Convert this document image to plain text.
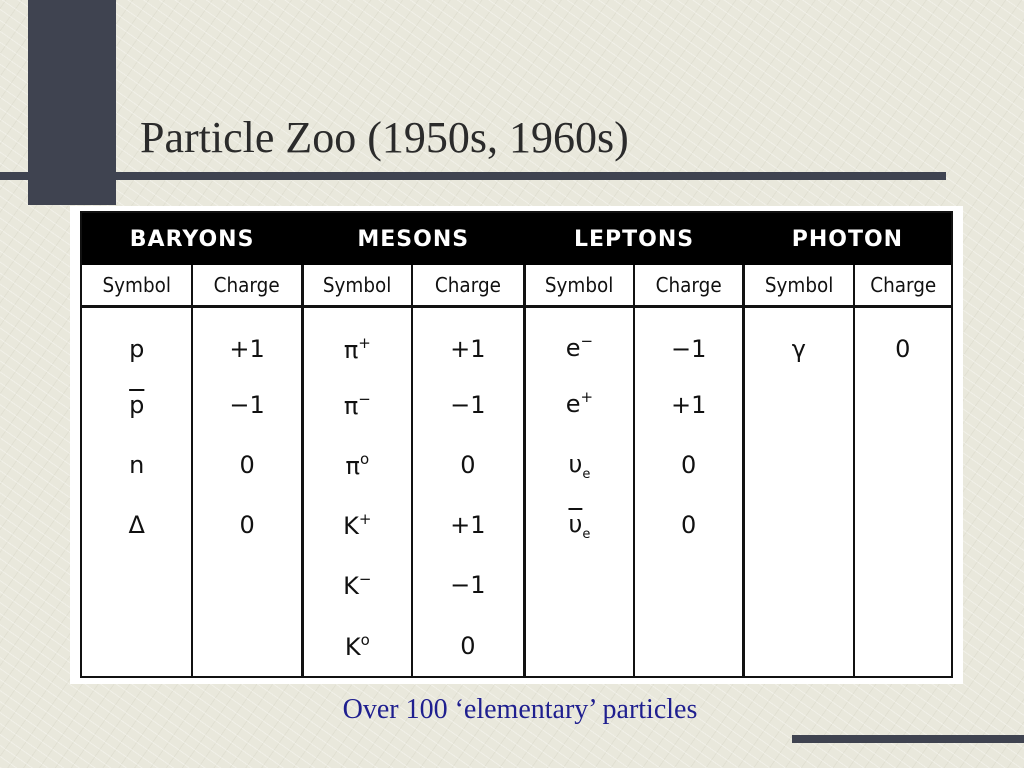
Particle Zoo (1950s, 1960s)
BARYONS		MESONS		LEPTONS		PHOTON	
Symbol	Charge	Symbol	Charge	Symbol	Charge	Symbol	Charge
p	+1	π+	+1	e−	−1	γ	0
$\overline{p}$	−1	π−	−1	e+	+1		
n	0	$\pi^o$	0	$\upsilon_e$	0		
Δ	0	K+	+1	$\overline{\upsilon}_e$	0		
		K−	−1				
		$K^o$	0				
Over 100 ‘elementary’ particles
